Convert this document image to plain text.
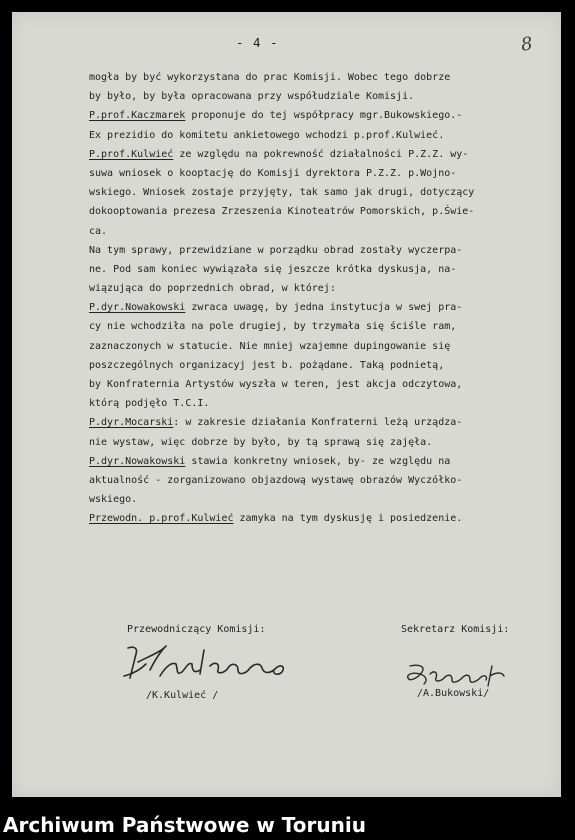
- 4 -	8
mogła by być wykorzystana do prac Komisji. Wobec tego dobrze
by było, by była opracowana przy współudziale Komisji.
P.prof.Kaczmarek proponuje do tej współpracy mgr.Bukowskiego.-
Ex prezidio do komitetu ankietowego wchodzi p.prof.Kulwieć.
P.prof.Kulwieć ze względu na pokrewność działalności P.Z.Z. wy-
suwa wniosek o kooptację do Komisji dyrektora P.Z.Z. p.Wojno-
wskiego. Wniosek zostaje przyjęty, tak samo jak drugi, dotyczący
dokooptowania prezesa Zrzeszenia Kinoteatrów Pomorskich, p.Świe-
ca.
Na tym sprawy, przewidziane w porządku obrad zostały wyczerpa-
ne. Pod sam koniec wywiązała się jeszcze krótka dyskusja, na-
wiązująca do poprzednich obrad, w której:
P.dyr.Nowakowski zwraca uwagę, by jedna instytucja w swej pra-
cy nie wchodziła na pole drugiej, by trzymała się ściśle ram,
zaznaczonych w statucie. Nie mniej wzajemne dupingowanie się
poszczególnych organizacyj jest b. pożądane. Taką podnietą,
by Konfraternia Artystów wyszła w teren, jest akcja odczytowa,
którą podjęło T.C.I.
P.dyr.Mocarski: w zakresie działania Konfraterni leżą urządza-
nie wystaw, więc dobrze by było, by tą sprawą się zajęła.
P.dyr.Nowakowski stawia konkretny wniosek, by- ze względu na
aktualność - zorganizowano objazdową wystawę obrazów Wyczółko-
wskiego.
Przewodn. p.prof.Kulwieć zamyka na tym dyskusję i posiedzenie.
Przewodniczący Komisji:	Sekretarz Komisji:
/K.Kulwieć /	/A.Bukowski/
Archiwum Państwowe w Toruniu
